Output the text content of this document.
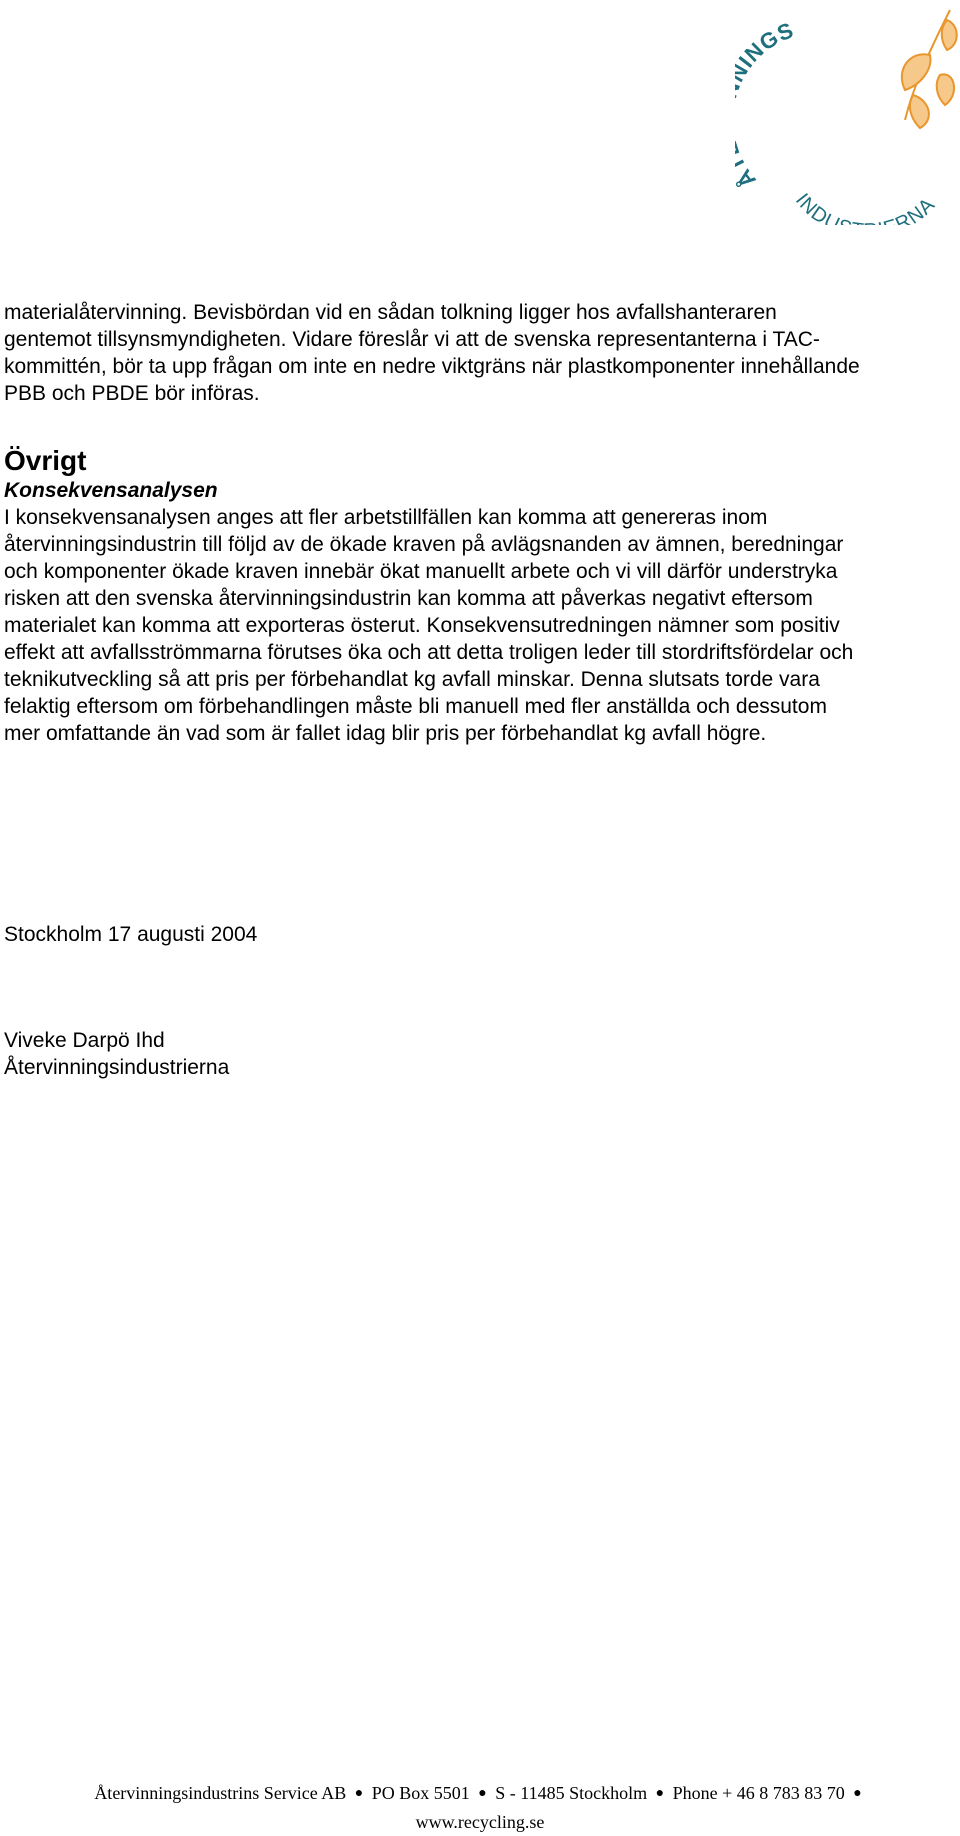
INGS
INDU RNA

materialåtervinning. Bevisbördan vid en sådan tolkning ligger hos avfallshanteraren

gentemot tillsynsmyndigheten. Vidare föreslår vi att de svenska representanterna i TAC-

kommittén, bör ta upp frågan om inte en nedre viktgräns när plastkomponenter innehållande

PBB och PBDE bör införas.

Övrigt

Konsekvensanalysen

I konsekvensanalysen anges att fler arbetstillfällen kan komma att genereras inom

återvinningsindustrin till följd av de ökade kraven på avlägsnanden av ämnen, beredningar

och komponenter ökade kraven innebär ökat manuellt arbete och vi vill därför understryka

risken att den svenska återvinningsindustrin kan komma att påverkas negativt eftersom

materialet kan komma att exporteras österut. Konsekvensutredningen nämner som positiv

effekt att avfallsströmmarna förutses öka och att detta troligen leder till stordriftsfördelar och

teknikutveckling så att pris per förbehandlat kg avfall minskar. Denna slutsats torde vara

felaktig eftersom om förbehandlingen måste bli manuell med fler anställda och dessutom

mer omfattande än vad som är fallet idag blir pris per förbehandlat kg avfall högre.

Stockholm 17 augusti 2004
Viveke Darpö Ihd
Återvinningsindustrierna
Återvinningsindustrins Service AB ● PO Box 5501 ● S - 11485 Stockholm ● Phone + 46 8 783 83 70 ●
www.recycling.se
